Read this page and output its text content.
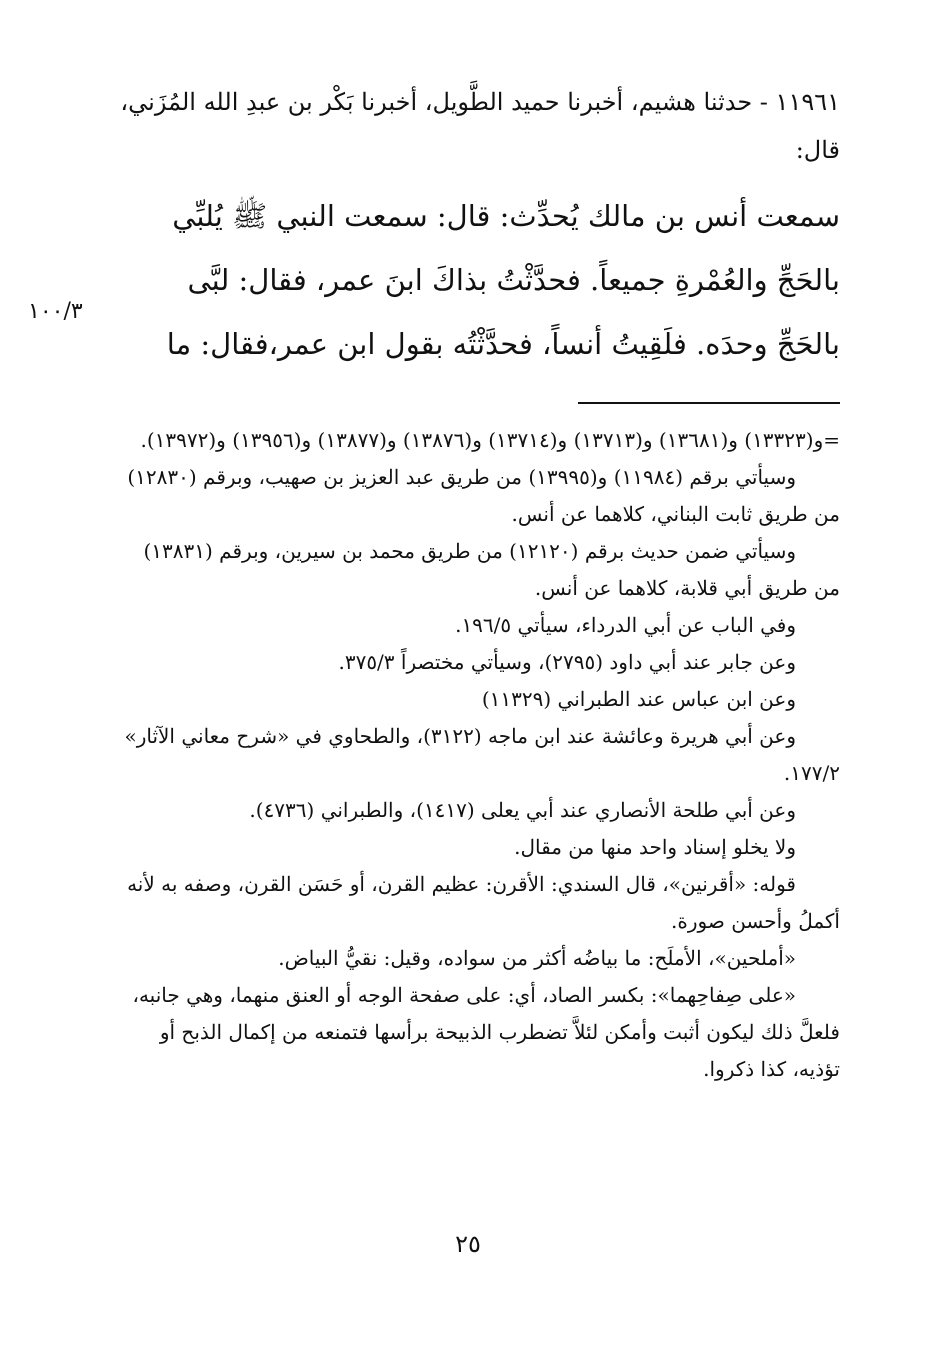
١١٩٦١ - حدثنا هشيم، أخبرنا حميد الطَّويل، أخبرنا بَكْر بن عبدِ الله المُزَني، قال:
سمعت أنس بن مالك يُحدِّث: قال: سمعت النبي ﷺ يُلبِّي بالحَجِّ والعُمْرةِ جميعاً. فحدَّثْتُ بذاكَ ابنَ عمر، فقال: لبَّى بالحَجِّ وحدَه. فلَقِيتُ أنساً، فحدَّثْتُه بقول ابن عمر،فقال: ما
١٠٠/٣

=و(١٣٣٢٣) و(١٣٦٨١) و(١٣٧١٣) و(١٣٧١٤) و(١٣٨٧٦) و(١٣٨٧٧) و(١٣٩٥٦) و(١٣٩٧٢).

وسيأتي برقم (١١٩٨٤) و(١٣٩٩٥) من طريق عبد العزيز بن صهيب، وبرقم (١٢٨٣٠) من طريق ثابت البناني، كلاهما عن أنس.

وسيأتي ضمن حديث برقم (١٢١٢٠) من طريق محمد بن سيرين، وبرقم (١٣٨٣١) من طريق أبي قلابة، كلاهما عن أنس.

وفي الباب عن أبي الدرداء، سيأتي ١٩٦/٥.

وعن جابر عند أبي داود (٢٧٩٥)، وسيأتي مختصراً ٣٧٥/٣.

وعن ابن عباس عند الطبراني (١١٣٢٩)

وعن أبي هريرة وعائشة عند ابن ماجه (٣١٢٢)، والطحاوي في «شرح معاني الآثار» ١٧٧/٢.

وعن أبي طلحة الأنصاري عند أبي يعلى (١٤١٧)، والطبراني (٤٧٣٦).

ولا يخلو إسناد واحد منها من مقال.

قوله: «أقرنين»، قال السندي: الأقرن: عظيم القرن، أو حَسَن القرن، وصفه به لأنه أكملُ وأحسن صورة.

«أملحين»، الأملَح: ما بياضُه أكثر من سواده، وقيل: نقيُّ البياض.

«على صِفاحِهما»: بكسر الصاد، أي: على صفحة الوجه أو العنق منهما، وهي جانبه، فلعلَّ ذلك ليكون أثبت وأمكن لئلاَّ تضطرب الذبيحة برأسها فتمنعه من إكمال الذبح أو تؤذيه، كذا ذكروا.

٢٥
